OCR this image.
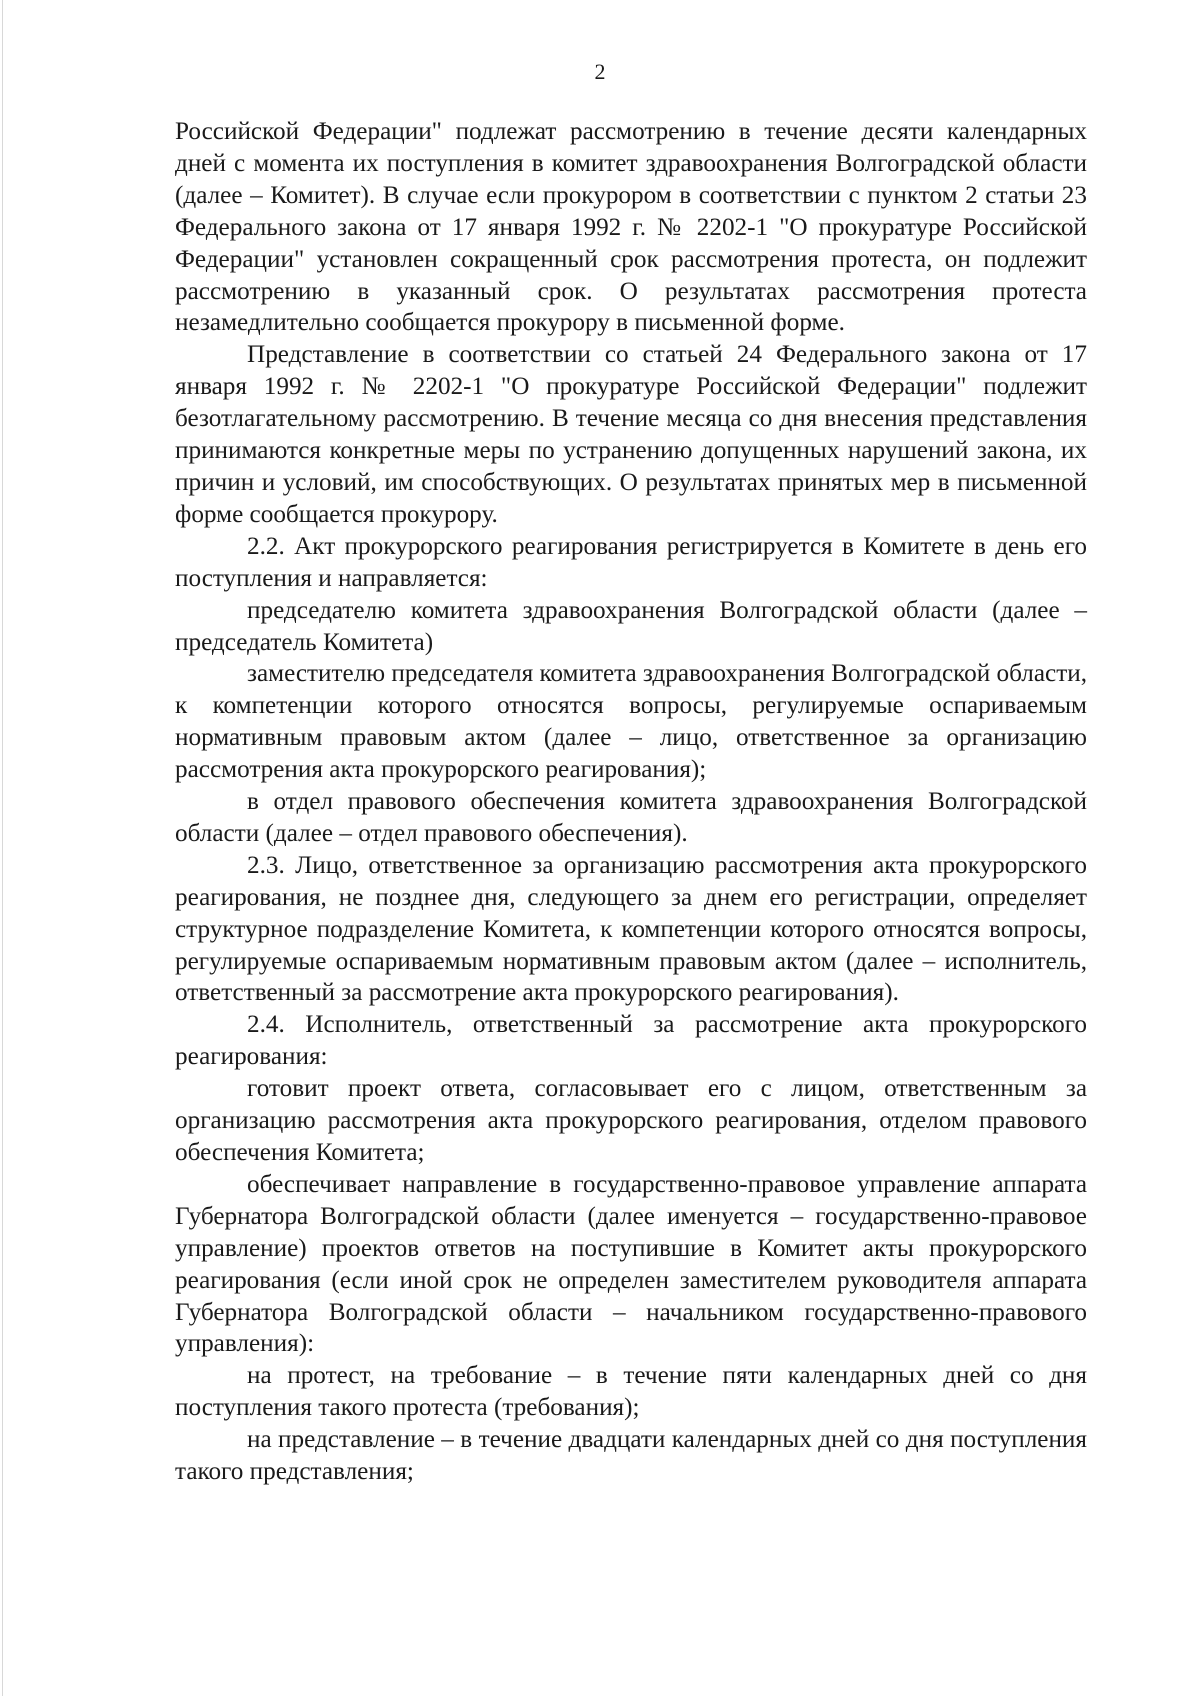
2

Российской Федерации" подлежат рассмотрению в течение десяти календарных дней с момента их поступления в комитет здравоохранения Волгоградской области (далее – Комитет). В случае если прокурором в соответствии с пунктом 2 статьи 23 Федерального закона от 17 января 1992 г. № 2202-1 "О прокуратуре Российской Федерации" установлен сокращенный срок рассмотрения протеста, он подлежит рассмотрению в указанный срок. О результатах рассмотрения протеста незамедлительно сообщается прокурору в письменной форме.

Представление в соответствии со статьей 24 Федерального закона от 17 января 1992 г. № 2202-1 "О прокуратуре Российской Федерации" подлежит безотлагательному рассмотрению. В течение месяца со дня внесения представления принимаются конкретные меры по устранению допущенных нарушений закона, их причин и условий, им способствующих. О результатах принятых мер в письменной форме сообщается прокурору.

2.2. Акт прокурорского реагирования регистрируется в Комитете в день его поступления и направляется:

председателю комитета здравоохранения Волгоградской области (далее – председатель Комитета)

заместителю председателя комитета здравоохранения Волгоградской области, к компетенции которого относятся вопросы, регулируемые оспариваемым нормативным правовым актом (далее – лицо, ответственное за организацию рассмотрения акта прокурорского реагирования);

в отдел правового обеспечения комитета здравоохранения Волгоградской области (далее – отдел правового обеспечения).

2.3. Лицо, ответственное за организацию рассмотрения акта прокурорского реагирования, не позднее дня, следующего за днем его регистрации, определяет структурное подразделение Комитета, к компетенции которого относятся вопросы, регулируемые оспариваемым нормативным правовым актом (далее – исполнитель, ответственный за рассмотрение акта прокурорского реагирования).

2.4. Исполнитель, ответственный за рассмотрение акта прокурорского реагирования:

готовит проект ответа, согласовывает его с лицом, ответственным за организацию рассмотрения акта прокурорского реагирования, отделом правового обеспечения Комитета;

обеспечивает направление в государственно-правовое управление аппарата Губернатора Волгоградской области (далее именуется – государственно-правовое управление) проектов ответов на поступившие в Комитет акты прокурорского реагирования (если иной срок не определен заместителем руководителя аппарата Губернатора Волгоградской области – начальником государственно-правового управления):

на протест, на требование – в течение пяти календарных дней со дня поступления такого протеста (требования);

на представление – в течение двадцати календарных дней со дня поступления такого представления;
